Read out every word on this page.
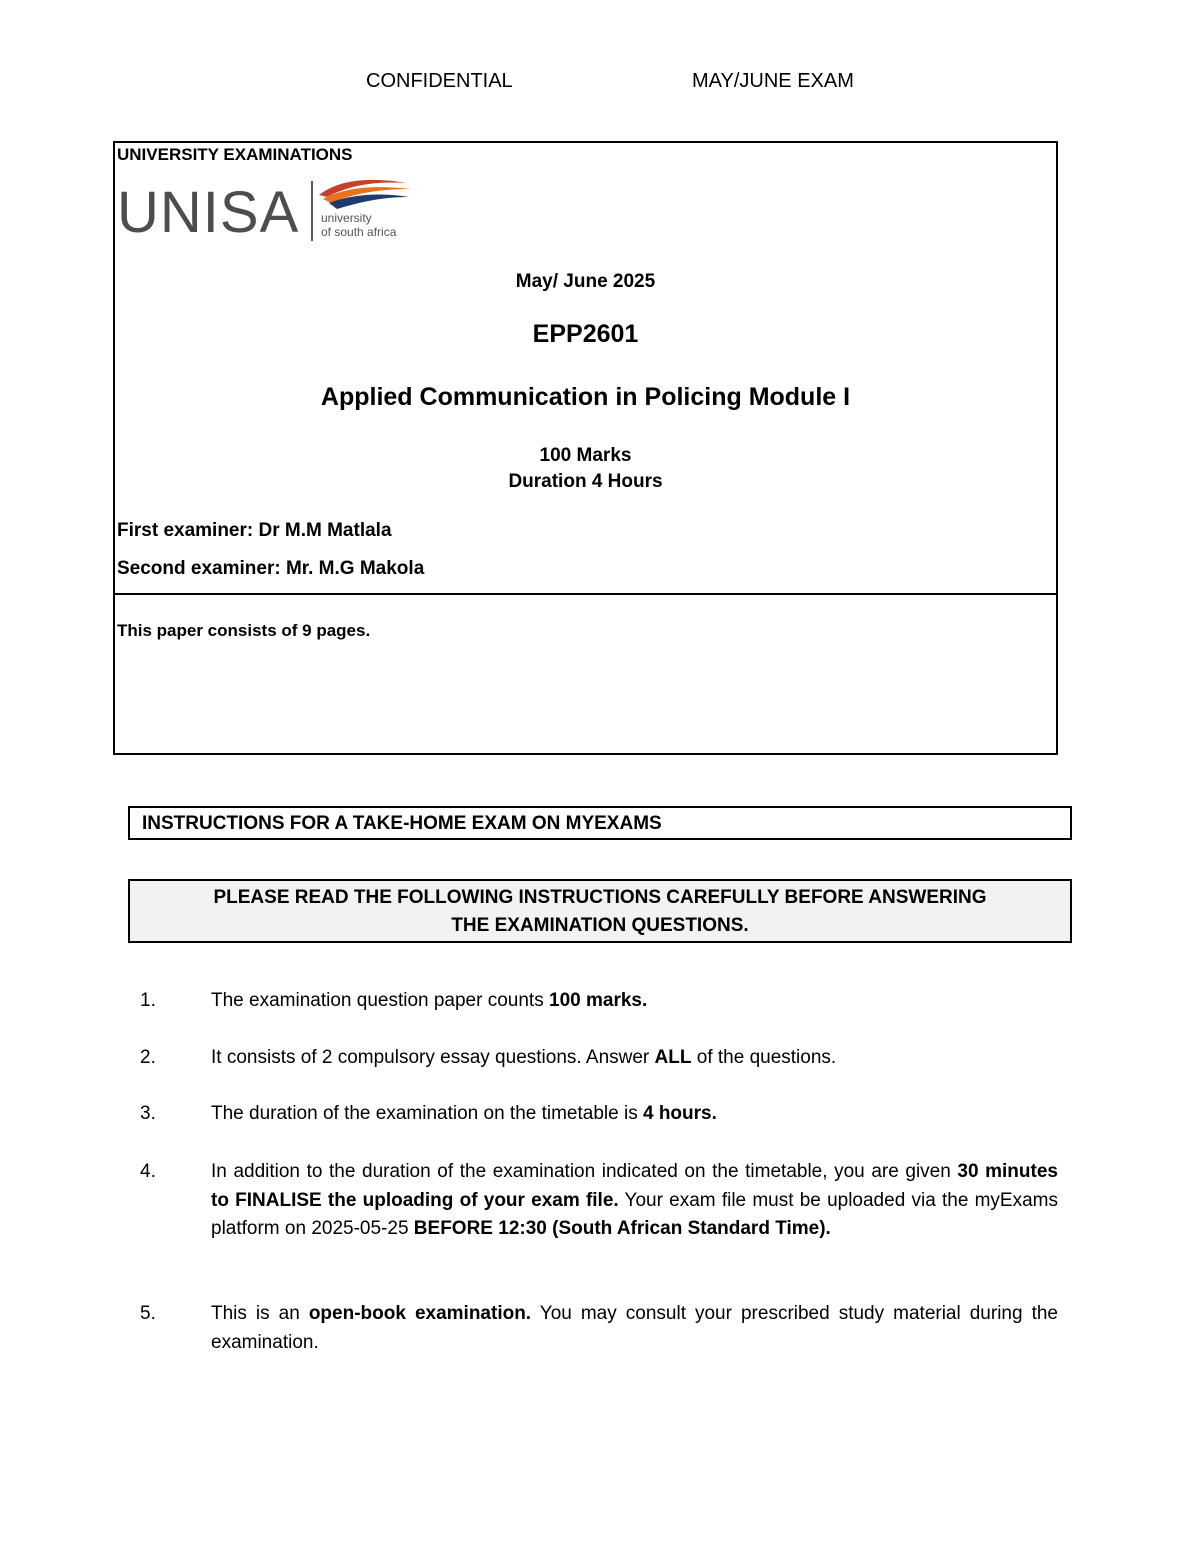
CONFIDENTIAL	MAY/JUNE EXAM
UNIVERSITY EXAMINATIONS
UNISA university
of south africa
May/ June 2025
EPP2601
Applied Communication in Policing Module I
100 Marks
Duration 4 Hours
First examiner: Dr M.M Matlala
Second examiner: Mr. M.G Makola
This paper consists of 9 pages.
INSTRUCTIONS FOR A TAKE-HOME EXAM ON MYEXAMS
PLEASE READ THE FOLLOWING INSTRUCTIONS CAREFULLY BEFORE ANSWERING
THE EXAMINATION QUESTIONS.
1.	The examination question paper counts 100 marks.
2.	It consists of 2 compulsory essay questions. Answer ALL of the questions.
3.	The duration of the examination on the timetable is 4 hours.
4.	In addition to the duration of the examination indicated on the timetable, you are given 30 minutes to FINALISE the uploading of your exam file. Your exam file must be uploaded via the myExams platform on 2025-05-25 BEFORE 12:30 (South African Standard Time).
5.	This is an open-book examination. You may consult your prescribed study material during the examination.
